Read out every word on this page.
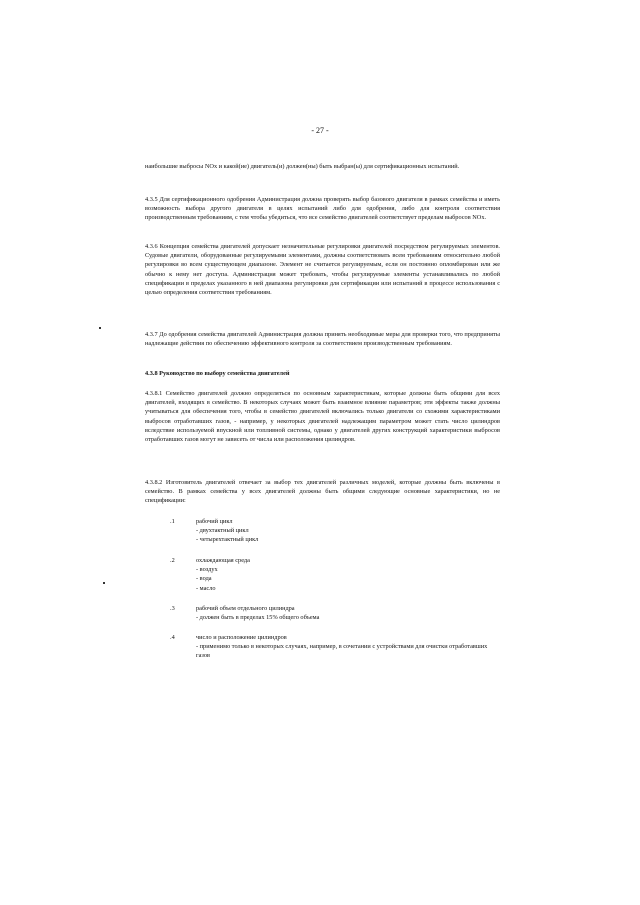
- 27 -

наибольшие выбросы NOx и какой(ие) двигатель(и) должен(ны) быть выбран(ы) для сертификационных испытаний.

4.3.5 Для сертификационного одобрения Администрация должна проверять выбор базового двигателя в рамках семейства и иметь возможность выбора другого двигателя в целях испытаний либо для одобрения, либо для контроля соответствия производственным требованиям, с тем чтобы убедиться, что все семейство двигателей соответствует пределам выбросов NOx.

4.3.6 Концепция семейства двигателей допускает незначительные регулировки двигателей посредством регулируемых элементов. Судовые двигатели, оборудованные регулируемыми элементами, должны соответствовать всем требованиям относительно любой регулировки во всем существующем диапазоне. Элемент не считается регулируемым, если он постоянно опломбирован или же обычно к нему нет доступа. Администрация может требовать, чтобы регулируемые элементы устанавливались по любой спецификации в пределах указанного в ней диапазона регулировки для сертификации или испытаний в процессе использования с целью определения соответствия требованиям.

4.3.7 До одобрения семейства двигателей Администрация должна принять необходимые меры для проверки того, что предприняты надлежащие действия по обеспечению эффективного контроля за соответствием производственным требованиям.

4.3.8 Руководство по выбору семейства двигателей

4.3.8.1 Семейство двигателей должно определяться по основным характеристикам, которые должны быть общими для всех двигателей, входящих в семейство. В некоторых случаях может быть взаимное влияние параметров; эти эффекты также должны учитываться для обеспечения того, чтобы в семейство двигателей включались только двигатели со схожими характеристиками выбросов отработавших газов, - например, у некоторых двигателей надлежащим параметром может стать число цилиндров вследствие используемой впускной или топливной системы, однако у двигателей других конструкций характеристики выбросов отработавших газов могут не зависеть от числа или расположения цилиндров.

4.3.8.2 Изготовитель двигателей отвечает за выбор тех двигателей различных моделей, которые должны быть включены в семейство. В рамках семейства у всех двигателей должны быть общими следующие основные характеристики, но не спецификации:

.1	рабочий цикл
- двухтактный цикл
- четырехтактный цикл
.2	охлаждающая среда
- воздух
- вода
- масло
.3	рабочий объем отдельного цилиндра
- должен быть в пределах 15% общего объема
.4	число и расположение цилиндров
- применимо только в некоторых случаях, например, в сочетании с устройствами для очистки отработавших газов
